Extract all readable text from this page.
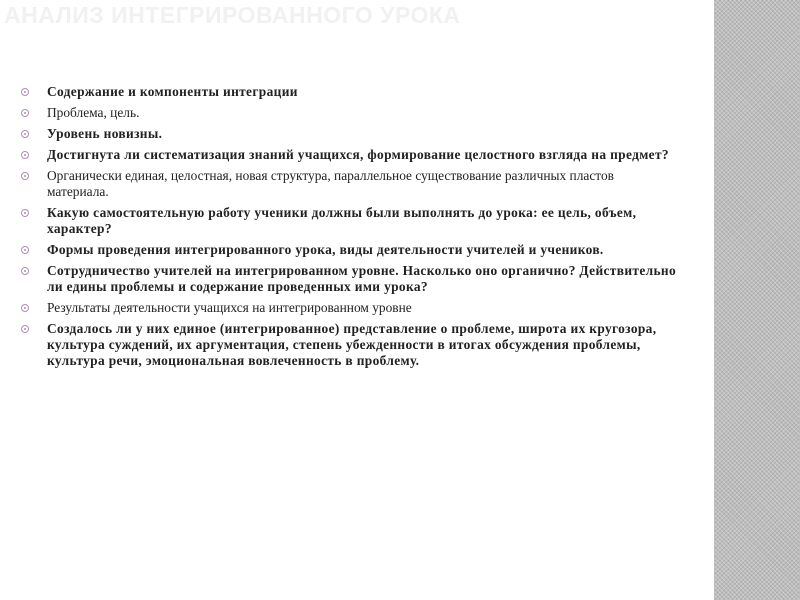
АНАЛИЗ ИНТЕГРИРОВАННОГО УРОКА
Содержание и компоненты интеграции
Проблема, цель.
Уровень новизны.
Достигнута ли систематизация знаний учащихся, формирование целостного взгляда на предмет?
Органически единая, целостная, новая структура, параллельное существование различных пластов материала.
Какую самостоятельную работу ученики должны были выполнять до урока: ее цель, объем, характер?
Формы проведения интегрированного урока, виды деятельности учителей и учеников.
Сотрудничество учителей на интегрированном уровне. Насколько оно органично? Действительно ли едины проблемы и содержание проведенных ими урока?
Результаты деятельности учащихся на интегрированном уровне
Создалось ли у них единое (интегрированное) представление о проблеме, широта их кругозора, культура суждений, их аргументация, степень убежденности в итогах обсуждения проблемы, культура речи, эмоциональная вовлеченность в проблему.
